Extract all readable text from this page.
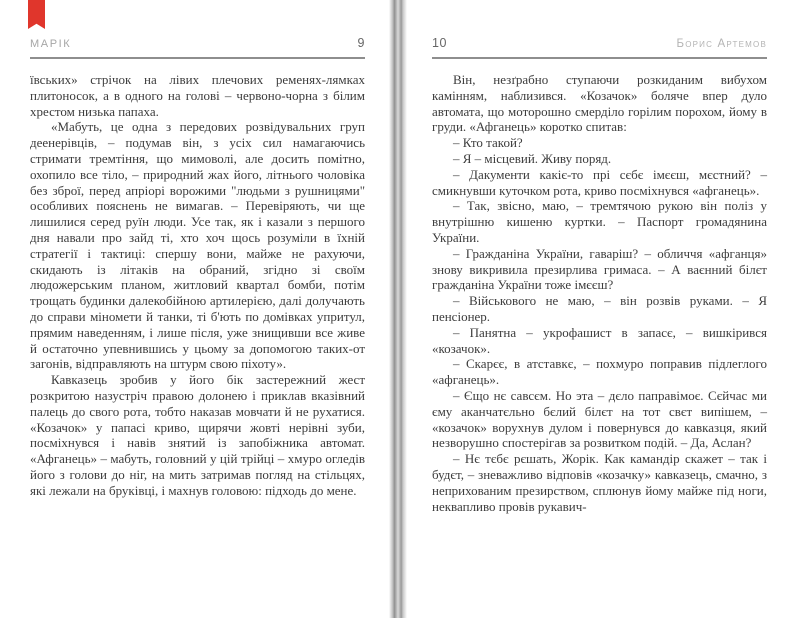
МАРІК	9

ївських» стрічок на лівих плечових ременях-лямках плитоносок, а в одного на голові – червоно-чорна з білим хрестом низька папаха.

«Мабуть, це одна з передових розвідувальних груп деенерівців, – подумав він, з усіх сил намагаючись стримати тремтіння, що мимоволі, але досить помітно, охопило все тіло, – природний жах його, літнього чоловіка без зброї, перед апріорі ворожими "людьми з рушницями" особливих пояснень не вимагав. – Перевіряють, чи ще лишилися серед руїн люди. Усе так, як і казали з першого дня навали про зайд ті, хто хоч щось розуміли в їхній стратегії і тактиці: спершу вони, майже не рахуючи, скидають із літаків на обраний, згідно зі своїм людожерським планом, житловий квартал бомби, потім трощать будинки далекобійною артилерією, далі долучають до справи міномети й танки, ті б'ють по домівках упритул, прямим наведенням, і лише після, уже знищивши все живе й остаточно упевнившись у цьому за допомогою таких-от загонів, відправляють на штурм свою піхоту».

Кавказець зробив у його бік застережний жест розкритою назустріч правою долонею і приклав вказівний палець до свого рота, тобто наказав мовчати й не рухатися. «Козачок» у папасі криво, щирячи жовті нерівні зуби, посміхнувся і навів знятий із запобіжника автомат. «Афганець» – мабуть, головний у цій трійці – хмуро огледів його з голови до ніг, на мить затримав погляд на стільцях, які лежали на бруківці, і махнув головою: підходь до мене.

10	Борис Артемов

Він, незґрабно ступаючи розкиданим вибухом камінням, наблизився. «Козачок» боляче впер дуло автомата, що моторошно смерділо горілим порохом, йому в груди. «Афганець» коротко спитав:

– Кто такой?

– Я – місцевий. Живу поряд.

– Дакументи какіє-то прі сєбє імєєш, мєстний? – смикнувши куточком рота, криво посміхнувся «афганець».

– Так, звісно, маю, – тремтячою рукою він поліз у внутрішню кишеню куртки. – Паспорт громадянина України.

– Гражданіна України, гаваріш? – обличчя «афганця» знову викривила презирлива гримаса. – А ваєнний білєт гражданіна України тоже імєєш?

– Військового не маю, – він розвів руками. – Я пенсіонер.

– Панятна – укрофашист в запасє, – вишкірився «козачок».

– Скарєє, в атставкє, – похмуро поправив підлеглого «афганець».

– Єщо нє савсєм. Но эта – дєло паправімоє. Сєйчас ми єму аканчатєльно бєлий білєт на тот свєт випішем, – «козачок» ворухнув дулом і повернувся до кавказця, який незворушно спостерігав за розвитком подій. – Да, Аслан?

– Нє тєбє рєшать, Жорік. Как камандір скажет – так і будєт, – зневажливо відповів «козачку» кавказець, смачно, з неприхованим презирством, сплюнув йому майже під ноги, неквапливо провів рукавич-
